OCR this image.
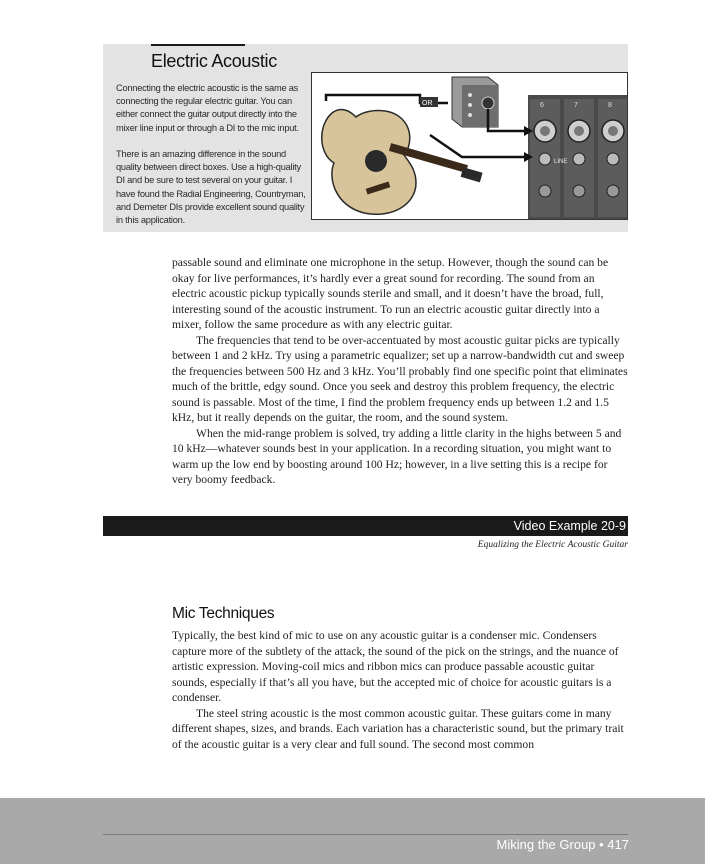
Electric Acoustic
Connecting the electric acoustic is the same as connecting the regular electric guitar. You can either connect the guitar output directly into the mixer line input or through a DI to the mic input.
There is an amazing difference in the sound quality between direct boxes. Use a high-quality DI and be sure to test several on your guitar. I have found the Radial Engineering, Countryman, and Demeter DIs provide excellent sound quality in this application.
6	7	8
LINE
OR

passable sound and eliminate one microphone in the setup. However, though the sound can be okay for live performances, it’s hardly ever a great sound for recording. The sound from an electric acoustic pickup typically sounds sterile and small, and it doesn’t have the broad, full, interesting sound of the acoustic instrument. To run an electric acoustic guitar directly into a mixer, follow the same procedure as with any electric guitar.

The frequencies that tend to be over-accentuated by most acoustic guitar picks are typically between 1 and 2 kHz. Try using a parametric equalizer; set up a narrow-bandwidth cut and sweep the frequencies between 500 Hz and 3 kHz. You’ll probably find one specific point that eliminates much of the brittle, edgy sound. Once you seek and destroy this problem frequency, the electric sound is passable. Most of the time, I find the problem frequency ends up between 1.2 and 1.5 kHz, but it really depends on the guitar, the room, and the sound system.

When the mid-range problem is solved, try adding a little clarity in the highs between 5 and 10 kHz—whatever sounds best in your application. In a recording situation, you might want to warm up the low end by boosting around 100 Hz; however, in a live setting this is a recipe for very boomy feedback.

Video Example 20-9
Equalizing the Electric Acoustic Guitar
Mic Techniques

Typically, the best kind of mic to use on any acoustic guitar is a condenser mic. Condensers capture more of the subtlety of the attack, the sound of the pick on the strings, and the nuance of artistic expression. Moving-coil mics and ribbon mics can produce passable acoustic guitar sounds, especially if that’s all you have, but the accepted mic of choice for acoustic guitars is a condenser.

The steel string acoustic is the most common acoustic guitar. These guitars come in many different shapes, sizes, and brands. Each variation has a characteristic sound, but the primary trait of the acoustic guitar is a very clear and full sound. The second most common

Miking the Group • 417
